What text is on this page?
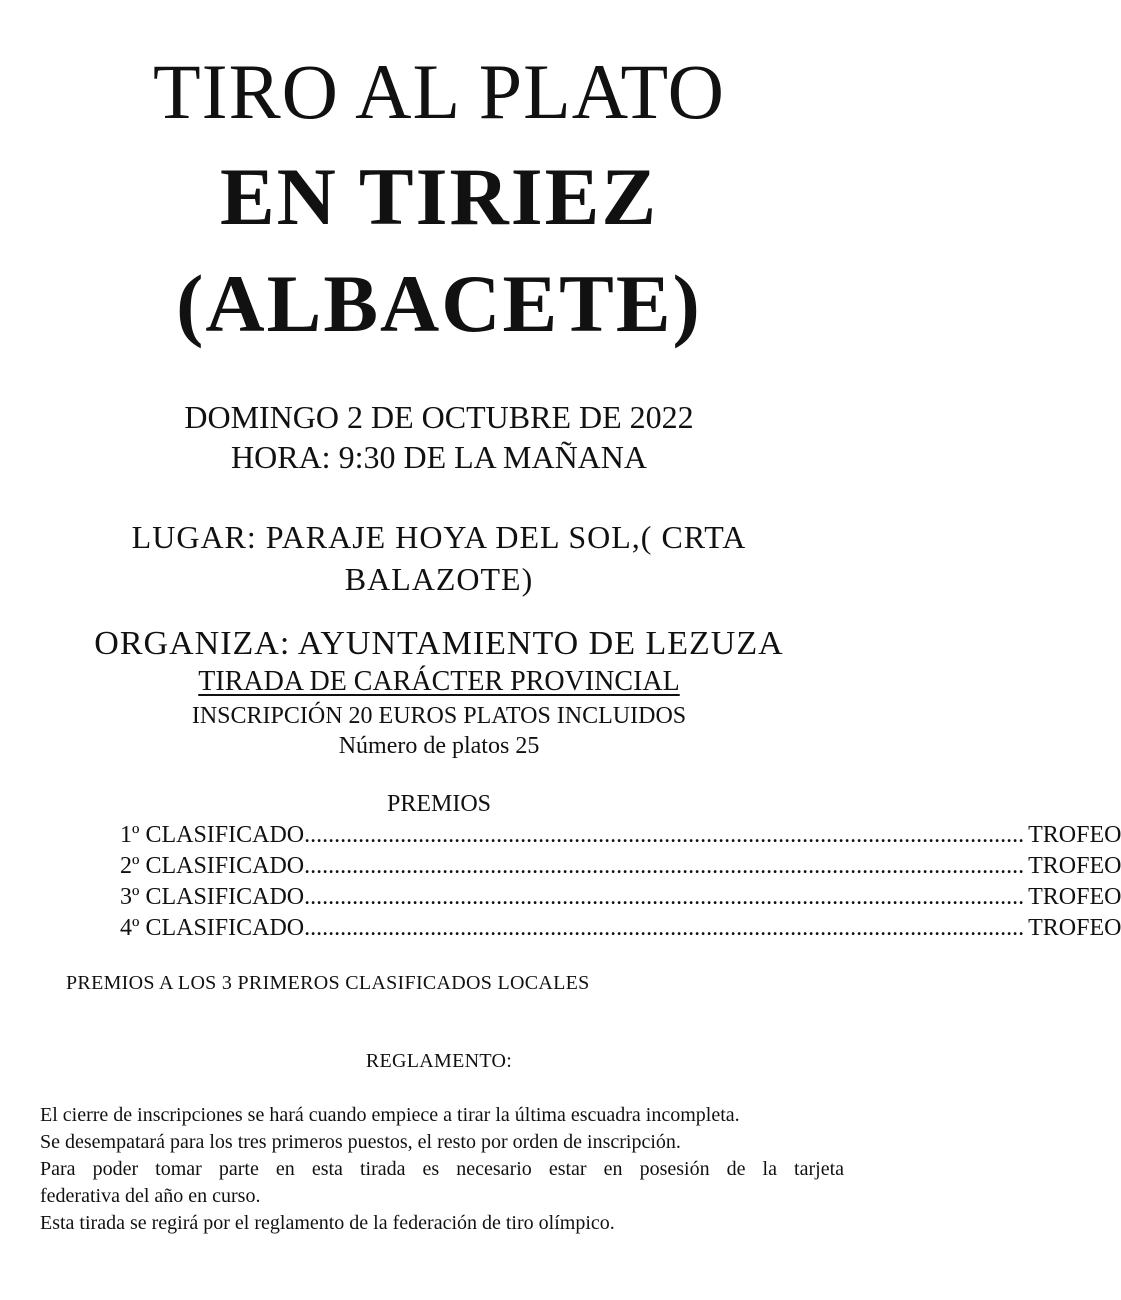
TIRO AL PLATO
EN TIRIEZ
(ALBACETE)
DOMINGO 2 DE OCTUBRE DE 2022
HORA: 9:30 DE LA MAÑANA
LUGAR: PARAJE HOYA DEL SOL,( CRTA
BALAZOTE)
ORGANIZA: AYUNTAMIENTO DE LEZUZA
TIRADA DE CARÁCTER PROVINCIAL
INSCRIPCIÓN 20 EUROS PLATOS INCLUIDOS
Número de platos 25
PREMIOS
1º CLASIFICADO ........................................................................................................................ TROFEO
2º CLASIFICADO ........................................................................................................................ TROFEO
3º CLASIFICADO ........................................................................................................................ TROFEO
4º CLASIFICADO ........................................................................................................................ TROFEO
PREMIOS A LOS 3 PRIMEROS CLASIFICADOS LOCALES
REGLAMENTO:

El cierre de inscripciones se hará cuando empiece a tirar la última escuadra incompleta.

Se desempatará para los tres primeros puestos, el resto por orden de inscripción.

Para poder tomar parte en esta tirada es necesario estar en posesión de la tarjeta

federativa del año en curso.

Esta tirada se regirá por el reglamento de la federación de tiro olímpico.
